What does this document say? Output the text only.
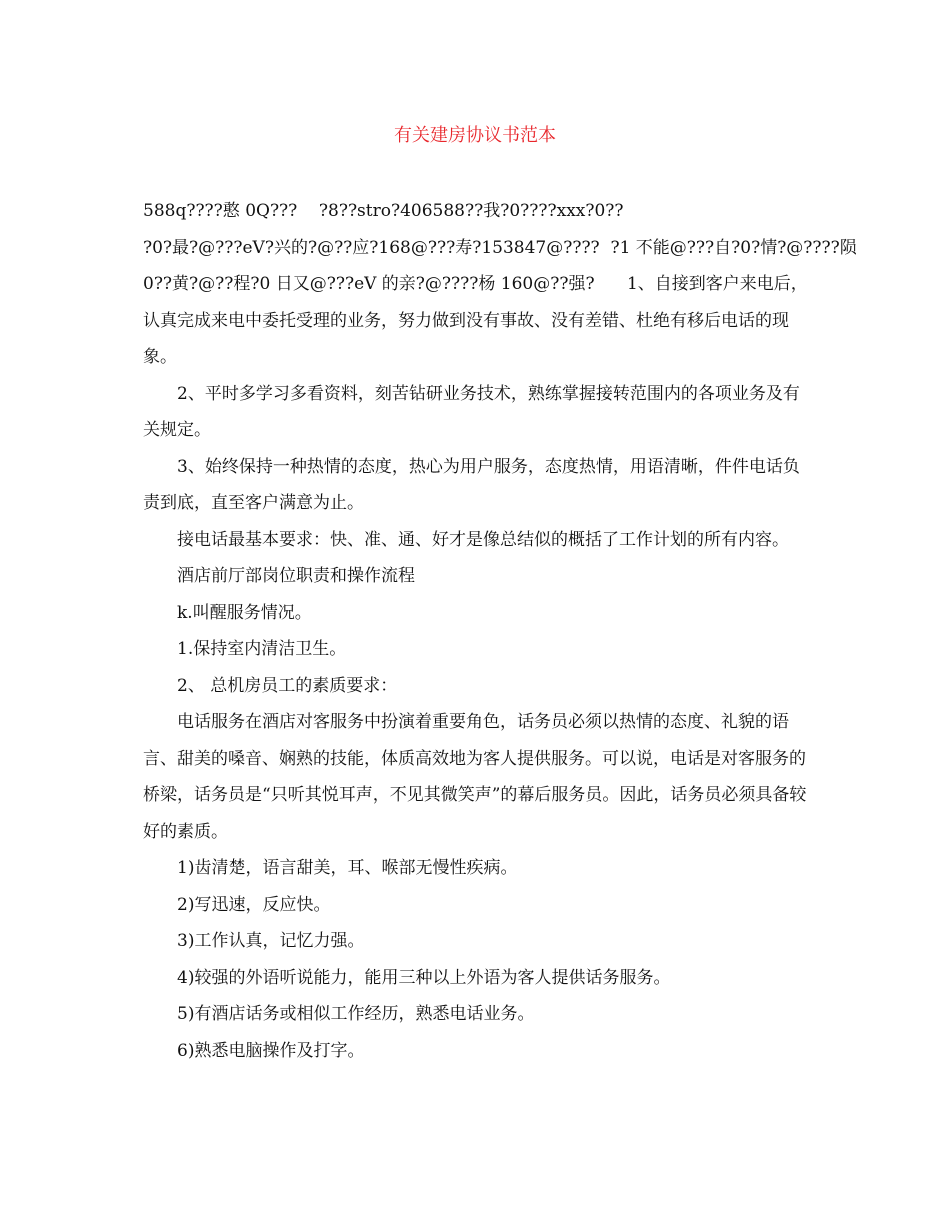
有关建房协议书范本

588q????憨 0Q???    ?8??stro?406588??我?0????xxx?0??

?0?最?@???eV?兴的?@??应?168@???寿?153847@????  ?1 不能@???自?0?情?@????陨

0??黄?@??程?0 日又@???eV 的亲?@????杨 160@??强?      1、自接到客户来电后，

认真完成来电中委托受理的业务，努力做到没有事故、没有差错、杜绝有移后电话的现象。

2、平时多学习多看资料，刻苦钻研业务技术，熟练掌握接转范围内的各项业务及有关规定。

3、始终保持一种热情的态度，热心为用户服务，态度热情，用语清晰，件件电话负责到底，直至客户满意为止。

接电话最基本要求：快、准、通、好才是像总结似的概括了工作计划的所有内容。

酒店前厅部岗位职责和操作流程

k.叫醒服务情况。

1.保持室内清洁卫生。

2、 总机房员工的素质要求：

电话服务在酒店对客服务中扮演着重要角色，话务员必须以热情的态度、礼貌的语言、甜美的嗓音、娴熟的技能，体质高效地为客人提供服务。可以说，电话是对客服务的桥梁，话务员是“只听其悦耳声，不见其微笑声”的幕后服务员。因此，话务员必须具备较好的素质。

1)齿清楚，语言甜美，耳、喉部无慢性疾病。

2)写迅速，反应快。

3)工作认真，记忆力强。

4)较强的外语听说能力，能用三种以上外语为客人提供话务服务。

5)有酒店话务或相似工作经历，熟悉电话业务。

6)熟悉电脑操作及打字。
